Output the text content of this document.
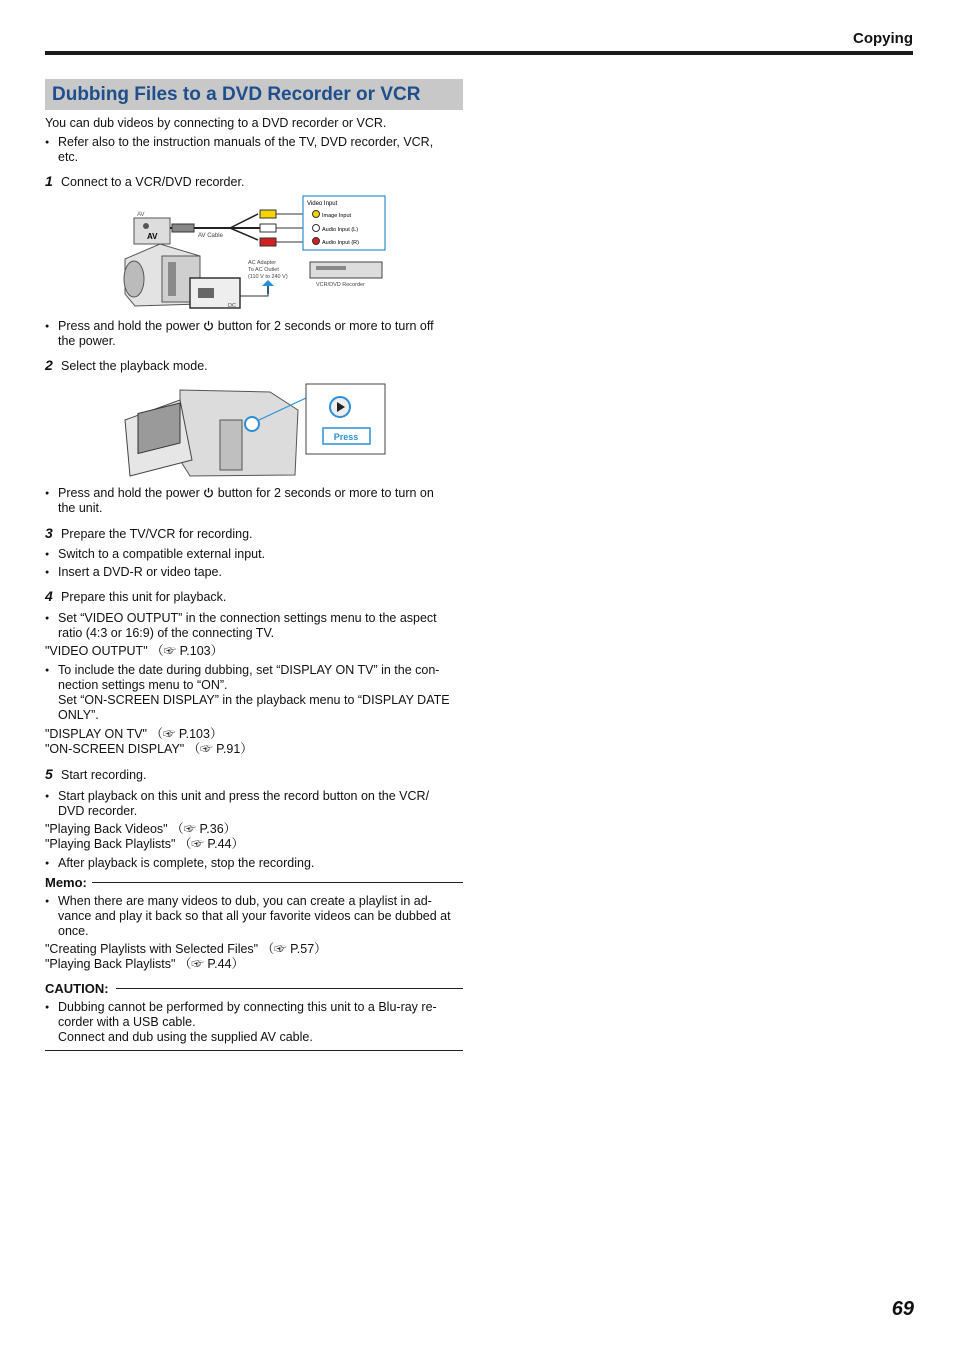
Copying
Dubbing Files to a DVD Recorder or VCR
You can dub videos by connecting to a DVD recorder or VCR.
● Refer also to the instruction manuals of the TV, DVD recorder, VCR,
etc.
1 Connect to a VCR/DVD recorder.
AV
AV	AV Cable
Video Input
Image Input
Audio Input (L)
Audio Input (R)
AC Adapter
To AC Outlet
(110 V to 240 V)
DC
VCR/DVD Recorder
● Press and hold the power button for 2 seconds or more to turn off
the power.
2 Select the playback mode.
Press
● Press and hold the power button for 2 seconds or more to turn on
the unit.
3 Prepare the TV/VCR for recording.
● Switch to a compatible external input.
● Insert a DVD-R or video tape.
4 Prepare this unit for playback.
● Set “VIDEO OUTPUT” in the connection settings menu to the aspect
ratio (4:3 or 16:9) of the connecting TV.
"VIDEO OUTPUT" （☞ P.103）
● To include the date during dubbing, set “DISPLAY ON TV” in the con-
nection settings menu to “ON”.
Set “ON-SCREEN DISPLAY” in the playback menu to “DISPLAY DATE
ONLY”.
"DISPLAY ON TV" （☞ P.103）
"ON-SCREEN DISPLAY" （☞ P.91）
5 Start recording.
● Start playback on this unit and press the record button on the VCR/
DVD recorder.
"Playing Back Videos" （☞ P.36）
"Playing Back Playlists" （☞ P.44）
● After playback is complete, stop the recording.
Memo:
● When there are many videos to dub, you can create a playlist in ad-
vance and play it back so that all your favorite videos can be dubbed at
once.
"Creating Playlists with Selected Files" （☞ P.57）
"Playing Back Playlists" （☞ P.44）
CAUTION:
● Dubbing cannot be performed by connecting this unit to a Blu-ray re-
corder with a USB cable.
Connect and dub using the supplied AV cable.
69
